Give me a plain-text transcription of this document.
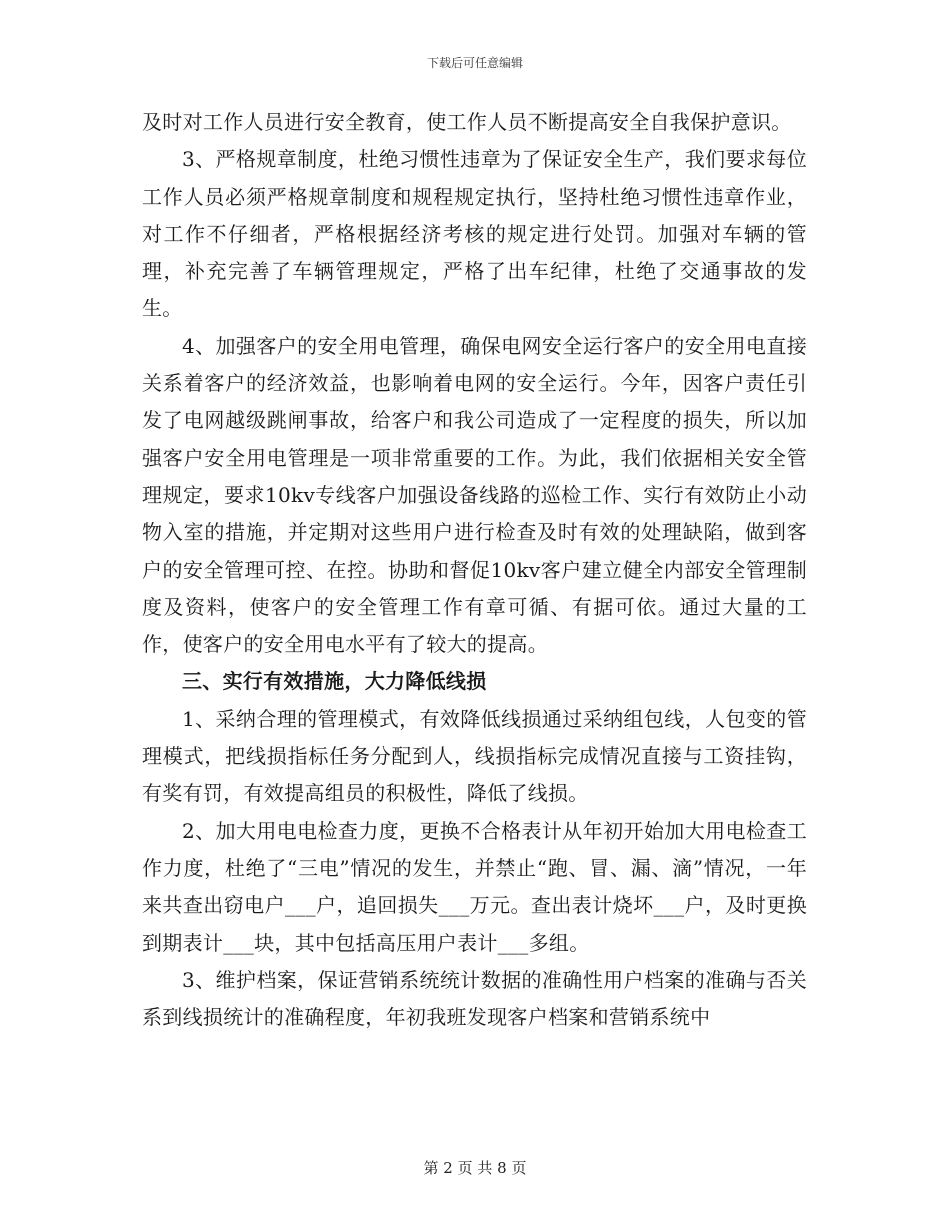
下载后可任意编辑

及时对工作人员进行安全教育，使工作人员不断提高安全自我保护意识。

3、严格规章制度，杜绝习惯性违章为了保证安全生产，我们要求每位工作人员必须严格规章制度和规程规定执行，坚持杜绝习惯性违章作业，对工作不仔细者，严格根据经济考核的规定进行处罚。加强对车辆的管理，补充完善了车辆管理规定，严格了出车纪律，杜绝了交通事故的发生。

4、加强客户的安全用电管理，确保电网安全运行客户的安全用电直接关系着客户的经济效益，也影响着电网的安全运行。今年，因客户责任引发了电网越级跳闸事故，给客户和我公司造成了一定程度的损失，所以加强客户安全用电管理是一项非常重要的工作。为此，我们依据相关安全管理规定，要求10kv专线客户加强设备线路的巡检工作、实行有效防止小动物入室的措施，并定期对这些用户进行检查及时有效的处理缺陷，做到客户的安全管理可控、在控。协助和督促10kv客户建立健全内部安全管理制度及资料，使客户的安全管理工作有章可循、有据可依。通过大量的工作，使客户的安全用电水平有了较大的提高。

三、实行有效措施，大力降低线损

1、采纳合理的管理模式，有效降低线损通过采纳组包线，人包变的管理模式，把线损指标任务分配到人，线损指标完成情况直接与工资挂钩，有奖有罚，有效提高组员的积极性，降低了线损。

2、加大用电电检查力度，更换不合格表计从年初开始加大用电检查工作力度，杜绝了“三电”情况的发生，并禁止“跑、冒、漏、滴”情况，一年来共查出窃电户___户，追回损失___万元。查出表计烧坏___户，及时更换到期表计___块，其中包括高压用户表计___多组。

3、维护档案，保证营销系统统计数据的准确性用户档案的准确与否关系到线损统计的准确程度，年初我班发现客户档案和营销系统中

第 2 页 共 8 页
